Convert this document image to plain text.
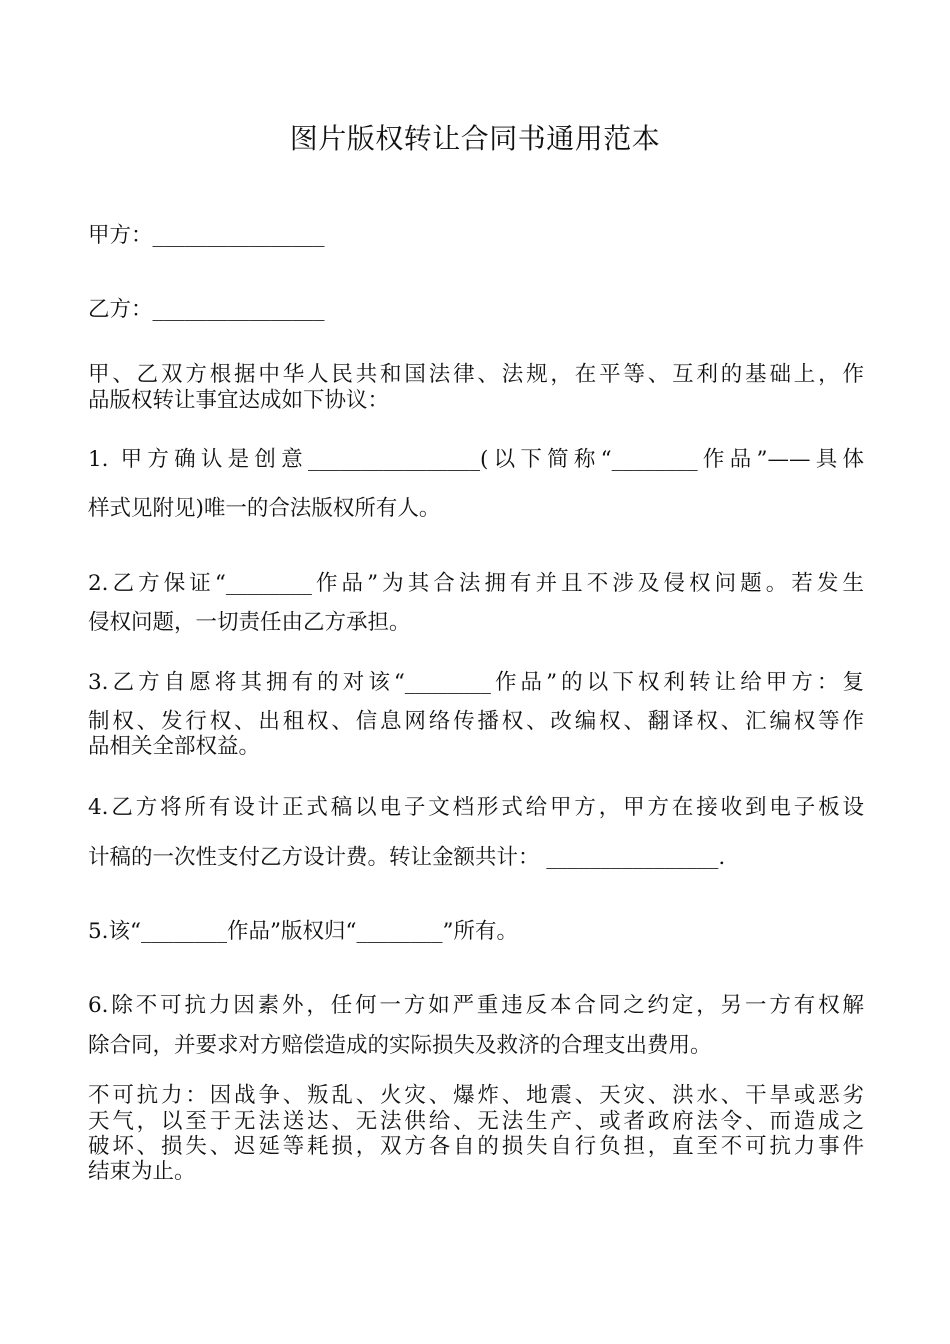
图片版权转让合同书通用范本

甲方：________________

乙方：________________

甲、乙双方根据中华人民共和国法律、法规，在平等、互利的基础上，作

品版权转让事宜达成如下协议：

1. 甲方确认是创意________________(以下简称“________作品”——具体

样式见附见)唯一的合法版权所有人。

2.乙方保证“________作品”为其合法拥有并且不涉及侵权问题。若发生

侵权问题，一切责任由乙方承担。

3.乙方自愿将其拥有的对该“________作品”的以下权利转让给甲方：复

制权、发行权、出租权、信息网络传播权、改编权、翻译权、汇编权等作

品相关全部权益。

4.乙方将所有设计正式稿以电子文档形式给甲方，甲方在接收到电子板设

计稿的一次性支付乙方设计费。转让金额共计： ________________.

5.该“________作品”版权归“________”所有。

6.除不可抗力因素外，任何一方如严重违反本合同之约定，另一方有权解

除合同，并要求对方赔偿造成的实际损失及救济的合理支出费用。

不可抗力：因战争、叛乱、火灾、爆炸、地震、天灾、洪水、干旱或恶劣

天气，以至于无法送达、无法供给、无法生产、或者政府法令、而造成之

破坏、损失、迟延等耗损，双方各自的损失自行负担，直至不可抗力事件

结束为止。
